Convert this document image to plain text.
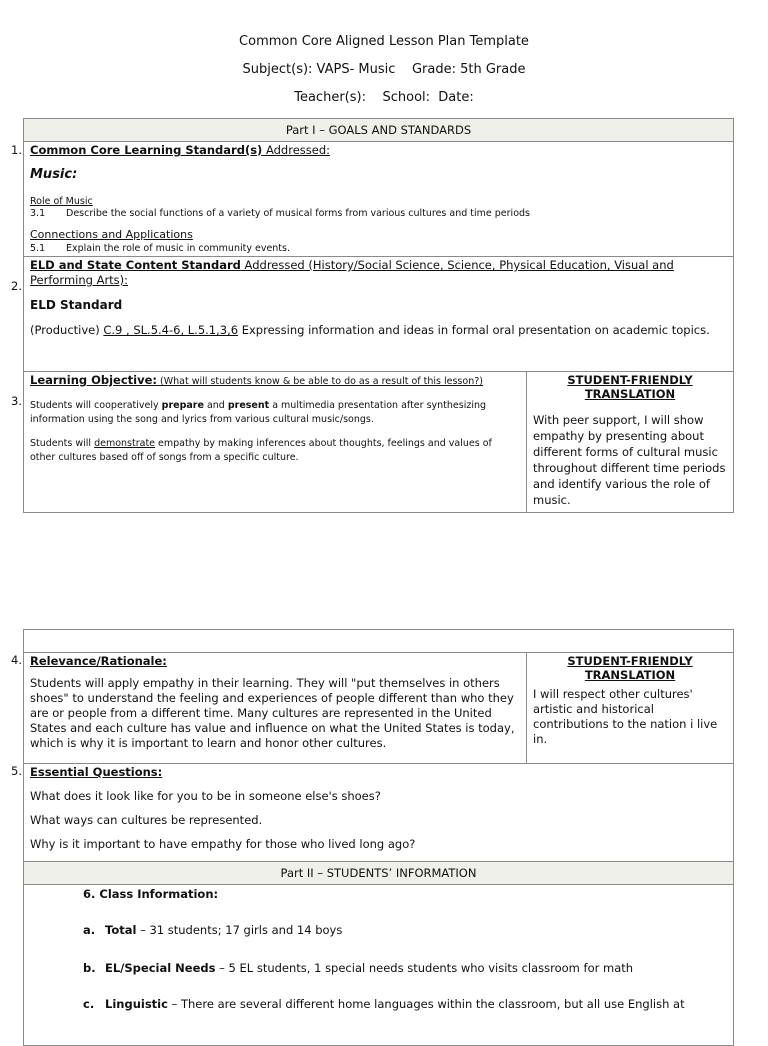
Common Core Aligned Lesson Plan Template
Subject(s): VAPS- Music    Grade: 5th Grade
Teacher(s):    School:  Date:
1.
2.
3.
4.
5.
Part I – GOALS AND STANDARDS

Common Core Learning Standard(s) Addressed:

Music:

Role of Music

3.1 Describe the social functions of a variety of musical forms from various cultures and time periods

Connections and Applications

5.1 Explain the role of music in community events.

ELD and State Content Standard Addressed (History/Social Science, Science, Physical Education, Visual and Performing Arts):

ELD Standard

(Productive) C.9 , SL.5.4-6, L.5.1,3,6 Expressing information and ideas in formal oral presentation on academic topics.

Learning Objective: (What will students know & be able to do as a result of this lesson?)

Students will cooperatively prepare and present a multimedia presentation after synthesizing information using the song and lyrics from various cultural music/songs.

Students will demonstrate empathy by making inferences about thoughts, feelings and values of other cultures based off of songs from a specific culture.

STUDENT-FRIENDLY

TRANSLATION

With peer support, I will show empathy by presenting about different forms of cultural music throughout different time periods and identify various the role of music.

Relevance/Rationale:

Students will apply empathy in their learning. They will "put themselves in others shoes" to understand the feeling and experiences of people different than who they are or people from a different time. Many cultures are represented in the United States and each culture has value and influence on what the United States is today, which is why it is important to learn and honor other cultures.

STUDENT-FRIENDLY

TRANSLATION

I will respect other cultures' artistic and historical contributions to the nation i live in.

Essential Questions:

What does it look like for you to be in someone else's shoes?

What ways can cultures be represented.

Why is it important to have empathy for those who lived long ago?

Part II – STUDENTS’ INFORMATION

6. Class Information:
a. Total – 31 students; 17 girls and 14 boys
b. EL/Special Needs – 5 EL students, 1 special needs students who visits classroom for math
c. Linguistic – There are several different home languages within the classroom, but all use English at
